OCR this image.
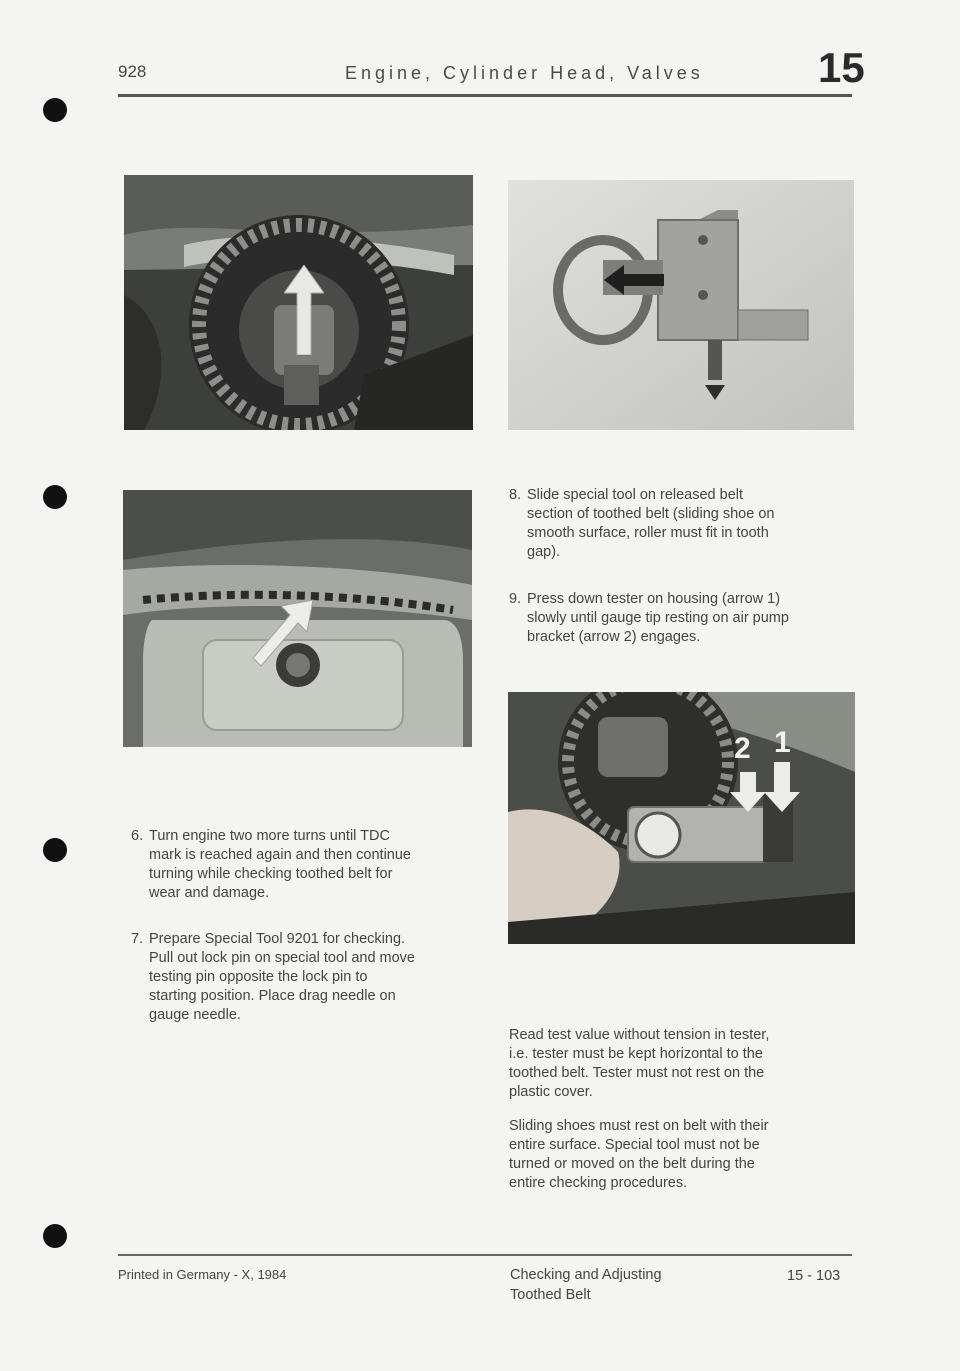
928	Engine, Cylinder Head, Valves	15
2 1
8. Slide special tool on released belt
section of toothed belt (sliding shoe on
smooth surface, roller must fit in tooth
gap).
9. Press down tester on housing (arrow 1)
slowly until gauge tip resting on air pump
bracket (arrow 2) engages.
6. Turn engine two more turns until TDC
mark is reached again and then continue
turning while checking toothed belt for
wear and damage.
7. Prepare Special Tool 9201 for checking.
Pull out lock pin on special tool and move
testing pin opposite the lock pin to
starting position. Place drag needle on
gauge needle.
Read test value without tension in tester,
i.e. tester must be kept horizontal to the
toothed belt. Tester must not rest on the
plastic cover.
Sliding shoes must rest on belt with their
entire surface. Special tool must not be
turned or moved on the belt during the
entire checking procedures.
Printed in Germany - X, 1984	Checking and Adjusting
Toothed Belt
15 - 103
